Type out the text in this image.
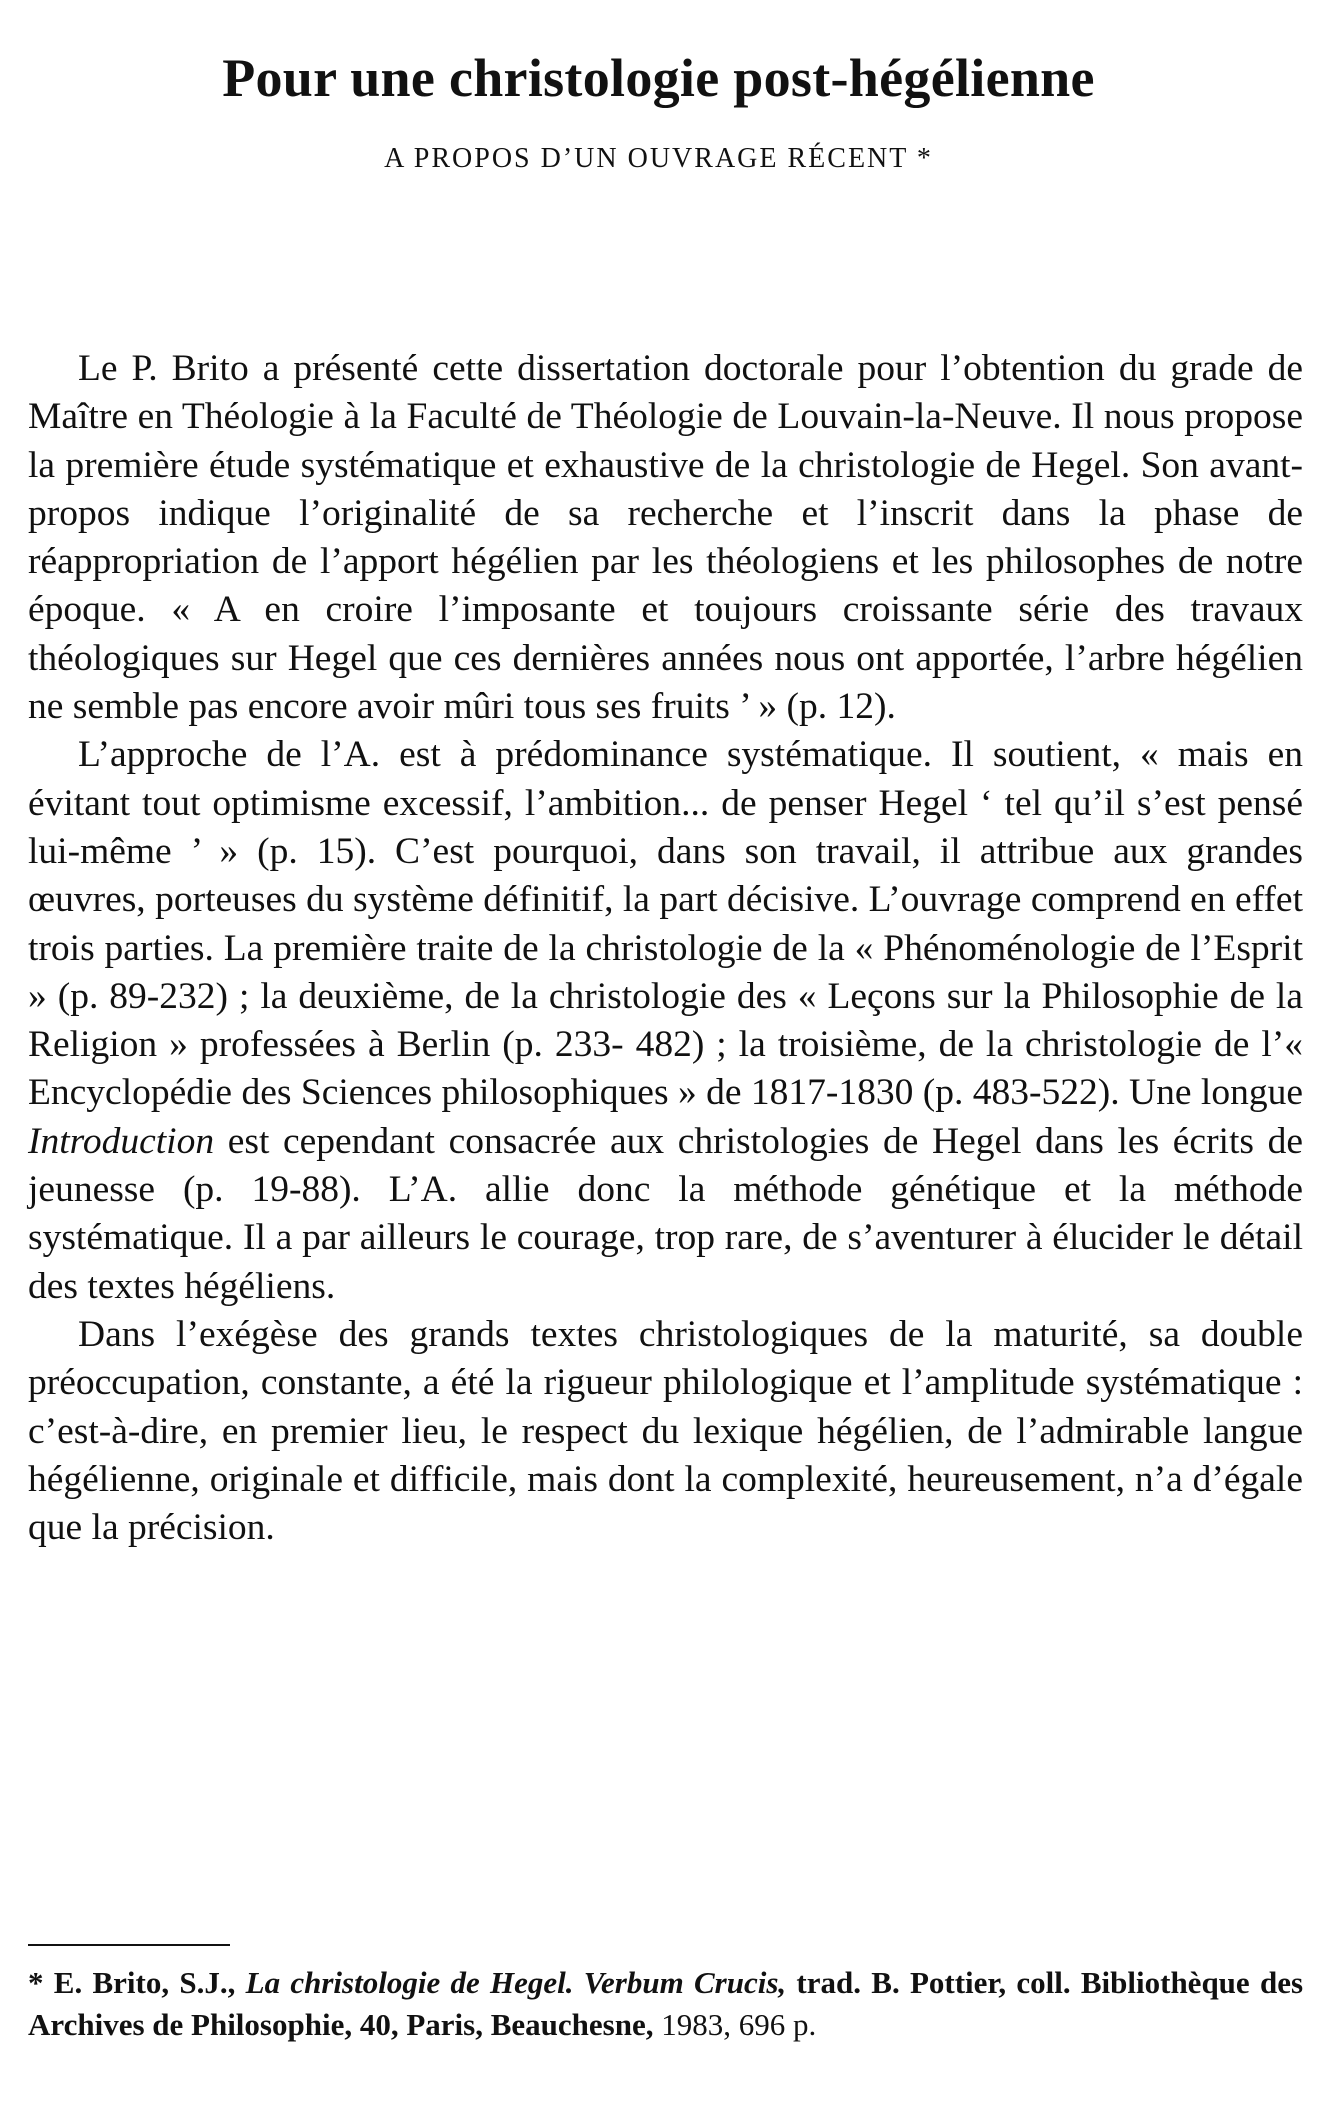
Pour une christologie post-hégélienne
A PROPOS D’UN OUVRAGE RÉCENT *

Le P. Brito a présenté cette dissertation doctorale pour l’obtention du grade de Maître en Théologie à la Faculté de Théologie de Louvain-la-Neuve. Il nous propose la première étude systématique et exhaustive de la christologie de Hegel. Son avant-propos indique l’originalité de sa recherche et l’inscrit dans la phase de réappropriation de l’apport hégélien par les théologiens et les philosophes de notre époque. « A en croire l’imposante et toujours croissante série des travaux théologiques sur Hegel que ces dernières années nous ont apportée, l’arbre hégélien ne semble pas encore avoir mûri tous ses fruits ’ » (p. 12).

L’approche de l’A. est à prédominance systématique. Il soutient, « mais en évitant tout optimisme excessif, l’ambition... de penser Hegel ‘ tel qu’il s’est pensé lui-même ’ » (p. 15). C’est pourquoi, dans son travail, il attribue aux grandes œuvres, porteuses du système définitif, la part décisive. L’ouvrage comprend en effet trois parties. La première traite de la christologie de la « Phénoménologie de l’Esprit » (p. 89-232) ; la deuxième, de la christologie des « Leçons sur la Philosophie de la Religion » professées à Berlin (p. 233- 482) ; la troisième, de la christologie de l’« Encyclopédie des Sciences philosophiques » de 1817-1830 (p. 483-522). Une longue Introduction est cependant consacrée aux christologies de Hegel dans les écrits de jeunesse (p. 19-88). L’A. allie donc la méthode génétique et la méthode systématique. Il a par ailleurs le courage, trop rare, de s’aventurer à élucider le détail des textes hégéliens.

Dans l’exégèse des grands textes christologiques de la maturité, sa double préoccupation, constante, a été la rigueur philologique et l’amplitude systématique : c’est-à-dire, en premier lieu, le respect du lexique hégélien, de l’admirable langue hégélienne, originale et difficile, mais dont la complexité, heureusement, n’a d’égale que la précision.

* E. Brito, S.J., La christologie de Hegel. Verbum Crucis, trad. B. Pottier, coll. Bibliothèque des Archives de Philosophie, 40, Paris, Beauchesne, 1983, 696 p.
